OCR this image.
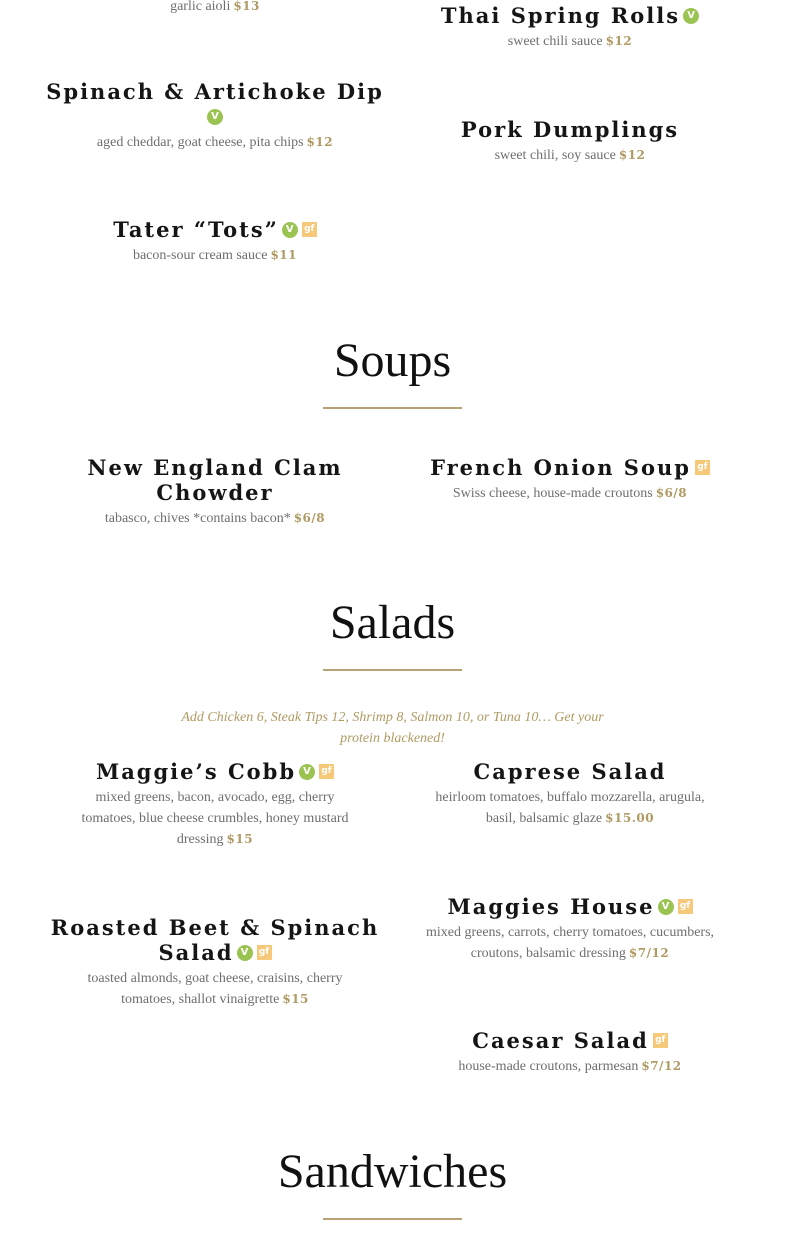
garlic aioli $13	Thai Spring Rolls V
sweet chili sauce $12
Spinach & Artichoke Dip
V
aged cheddar, goat cheese, pita chips $12	Pork Dumplings
sweet chili, soy sauce $12
Tater “Tots” V gf
bacon-sour cream sauce $11
Soups
New England Clam Chowder
tabasco, chives *contains bacon* $6/8
French Onion Soup gf
Swiss cheese, house-made croutons $6/8
Salads
Add Chicken 6, Steak Tips 12, Shrimp 8, Salmon 10, or Tuna 10… Get your protein blackened!
Maggie’s Cobb V gf
mixed greens, bacon, avocado, egg, cherry tomatoes, blue cheese crumbles, honey mustard dressing $15
Caprese Salad
heirloom tomatoes, buffalo mozzarella, arugula, basil, balsamic glaze $15.00
Roasted Beet & Spinach Salad V gf
toasted almonds, goat cheese, craisins, cherry tomatoes, shallot vinaigrette $15
Maggies House V gf
mixed greens, carrots, cherry tomatoes, cucumbers, croutons, balsamic dressing $7/12
Caesar Salad gf
house-made croutons, parmesan $7/12
Sandwiches
